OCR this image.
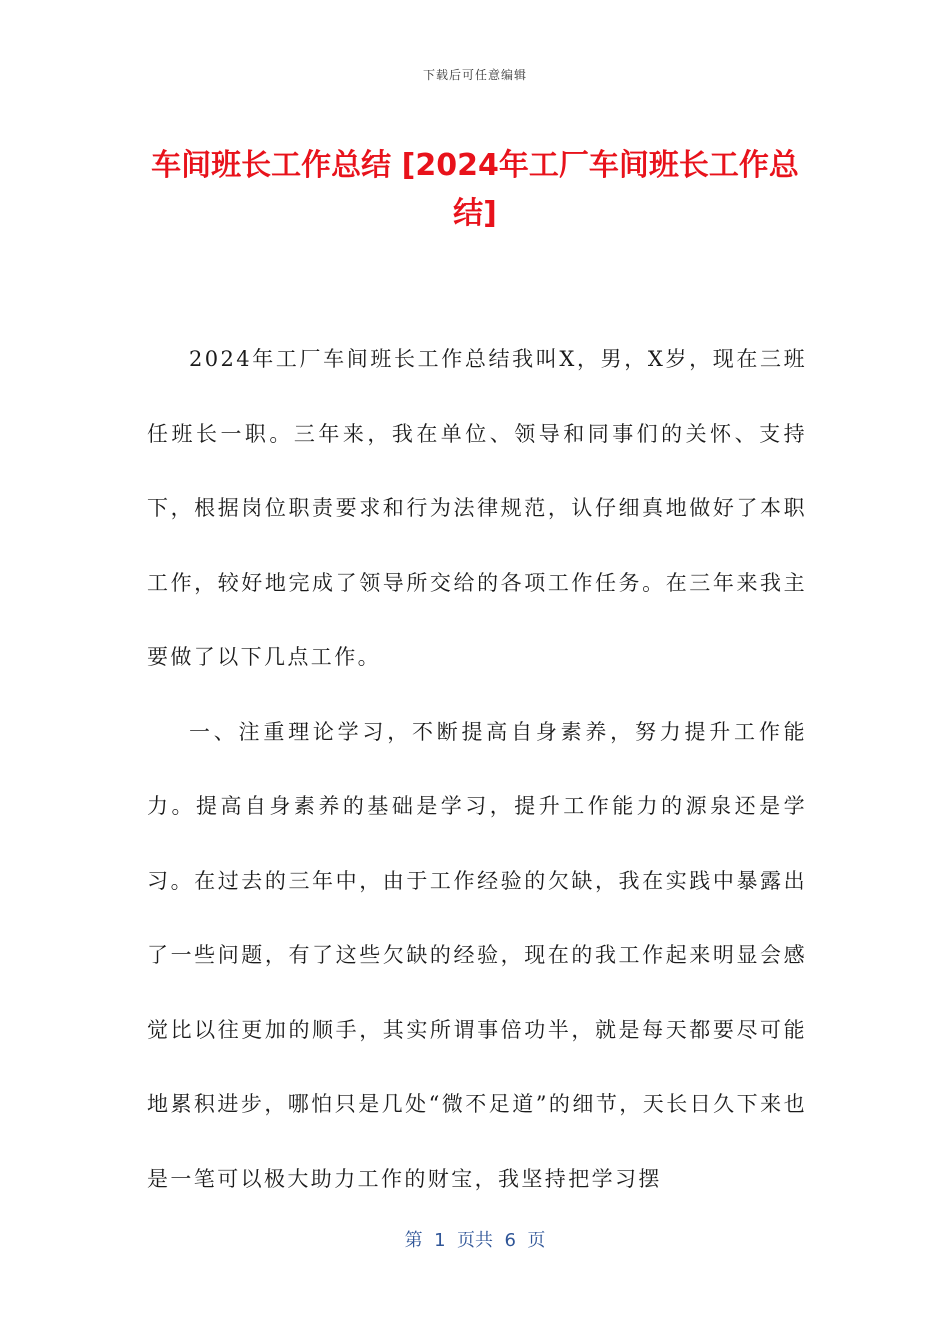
下载后可任意编辑
车间班长工作总结 [2024年工厂车间班长工作总结]

2024年工厂车间班长工作总结我叫X，男，X岁，现在三班任班长一职。三年来，我在单位、领导和同事们的关怀、支持下，根据岗位职责要求和行为法律规范，认仔细真地做好了本职工作，较好地完成了领导所交给的各项工作任务。在三年来我主要做了以下几点工作。

一、注重理论学习，不断提高自身素养，努力提升工作能力。提高自身素养的基础是学习，提升工作能力的源泉还是学习。在过去的三年中，由于工作经验的欠缺，我在实践中暴露出了一些问题，有了这些欠缺的经验，现在的我工作起来明显会感觉比以往更加的顺手，其实所谓事倍功半，就是每天都要尽可能地累积进步，哪怕只是几处“微不足道”的细节，天长日久下来也是一笔可以极大助力工作的财宝，我坚持把学习摆

第  1  页共  6  页
